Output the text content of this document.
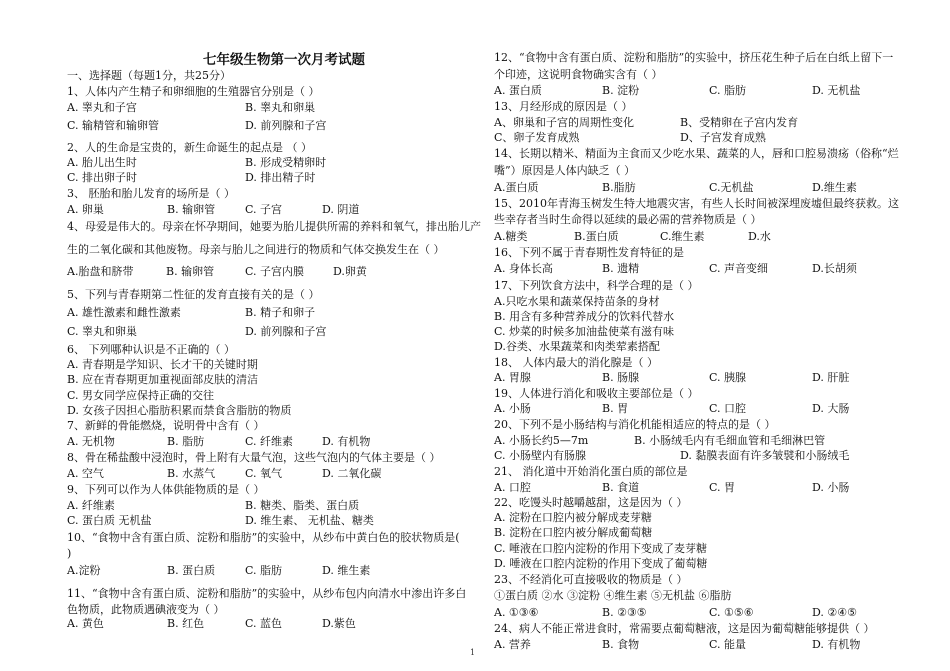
七年级生物第一次月考试题
一、选择题（每题1分，共25分）
1、人体内产生精子和卵细胞的生殖器官分别是（ ）
A. 睾丸和子宫	B. 睾丸和卵巢
C. 输精管和输卵管	D. 前列腺和子宫
2、人的生命是宝贵的，新生命诞生的起点是 （ ）
A. 胎儿出生时	B. 形成受精卵时
C. 排出卵子时	D. 排出精子时
3、 胚胎和胎儿发育的场所是（ ）
A. 卵巢	B. 输卵管	C. 子宫	D. 阴道
4、母爱是伟大的。母亲在怀孕期间，她要为胎儿提供所需的养料和氧气，排出胎儿产
生的二氧化碳和其他废物。母亲与胎儿之间进行的物质和气体交换发生在（ ）
A.胎盘和脐带	B. 输卵管	C. 子宫内膜	D.卵黄
5、下列与青春期第二性征的发育直接有关的是（ ）
A. 雄性激素和雌性激素	B. 精子和卵子
C. 睾丸和卵巢	D. 前列腺和子宫
6、 下列哪种认识是不正确的（ ）
A. 青春期是学知识、长才干的关键时期
B. 应在青春期更加重视面部皮肤的清洁
C. 男女同学应保持正确的交往
D. 女孩子因担心脂肪积累而禁食含脂肪的物质
7、新鲜的骨能燃烧，说明骨中含有（ ）
A. 无机物	B. 脂肪	C. 纤维素	D. 有机物
8、骨在稀盐酸中浸泡时，骨上附有大量气泡，这些气泡内的气体主要是（ ）
A. 空气	B. 水蒸气	C. 氧气	D. 二氧化碳
9、下列可以作为人体供能物质的是（ ）
A. 纤维素	B. 糖类、脂类、蛋白质
C. 蛋白质 无机盐	D. 维生素、 无机盐、糖类
10、“食物中含有蛋白质、淀粉和脂肪”的实验中，从纱布中黄白色的胶状物质是(
)
A.淀粉	B. 蛋白质	C. 脂肪	D. 维生素
11、“食物中含有蛋白质、淀粉和脂肪”的实验中，从纱布包内向清水中渗出许多白
色物质，此物质遇碘液变为（ ）
A. 黄色	B. 红色	C. 蓝色	D.紫色
12、“食物中含有蛋白质、淀粉和脂肪”的实验中，挤压花生种子后在白纸上留下一
个印迹，这说明食物确实含有（ ）
A. 蛋白质	B. 淀粉	C. 脂肪	D. 无机盐
13、月经形成的原因是（ ）
A、卵巢和子宫的周期性变化	B、受精卵在子宫内发育
C、卵子发育成熟	D、子宫发育成熟
14、长期以精米、精面为主食而又少吃水果、蔬菜的人，唇和口腔易溃疡（俗称“烂
嘴”）原因是人体内缺乏（ ）
A.蛋白质	B.脂肪	C.无机盐	D.维生素
15、2010年青海玉树发生特大地震灾害，有些人长时间被深埋废墟但最终获救。这
些幸存者当时生命得以延续的最必需的营养物质是（ ）
A.糖类	B.蛋白质	C.维生素	D.水
16、下列不属于青春期性发育特征的是
A. 身体长高	B. 遗精	C. 声音变细	D.长胡须
17、下列饮食方法中，科学合理的是（ ）
A.只吃水果和蔬菜保持苗条的身材
B. 用含有多种营养成分的饮料代替水
C. 炒菜的时候多加油盐使菜有滋有味
D.谷类、水果蔬菜和肉类荤素搭配
18、 人体内最大的消化腺是（ ）
A. 胃腺	B. 肠腺	C. 胰腺	D. 肝脏
19、人体进行消化和吸收主要部位是（ ）
A. 小肠	B. 胃	C. 口腔	D. 大肠
20、下列不是小肠结构与消化机能相适应的特点的是（ ）
A. 小肠长约5—7m	B. 小肠绒毛内有毛细血管和毛细淋巴管
C. 小肠壁内有肠腺	D. 黏膜表面有许多皱襞和小肠绒毛
21、 消化道中开始消化蛋白质的部位是
A. 口腔	B. 食道	C. 胃	D. 小肠
22、吃馒头时越嚼越甜，这是因为（ ）
A. 淀粉在口腔内被分解成麦芽糖
B. 淀粉在口腔内被分解成葡萄糖
C. 唾液在口腔内淀粉的作用下变成了麦芽糖
D. 唾液在口腔内淀粉的作用下变成了葡萄糖
23、不经消化可直接吸收的物质是（ ）
①蛋白质 ②水 ③淀粉 ④维生素 ⑤无机盐 ⑥脂肪
A. ①③⑥	B. ②③⑤	C. ①⑤⑥	D. ②④⑤
24、病人不能正常进食时，常需要点葡萄糖液，这是因为葡萄糖能够提供（ ）
A. 营养	B. 食物	C. 能量	D. 有机物
1
